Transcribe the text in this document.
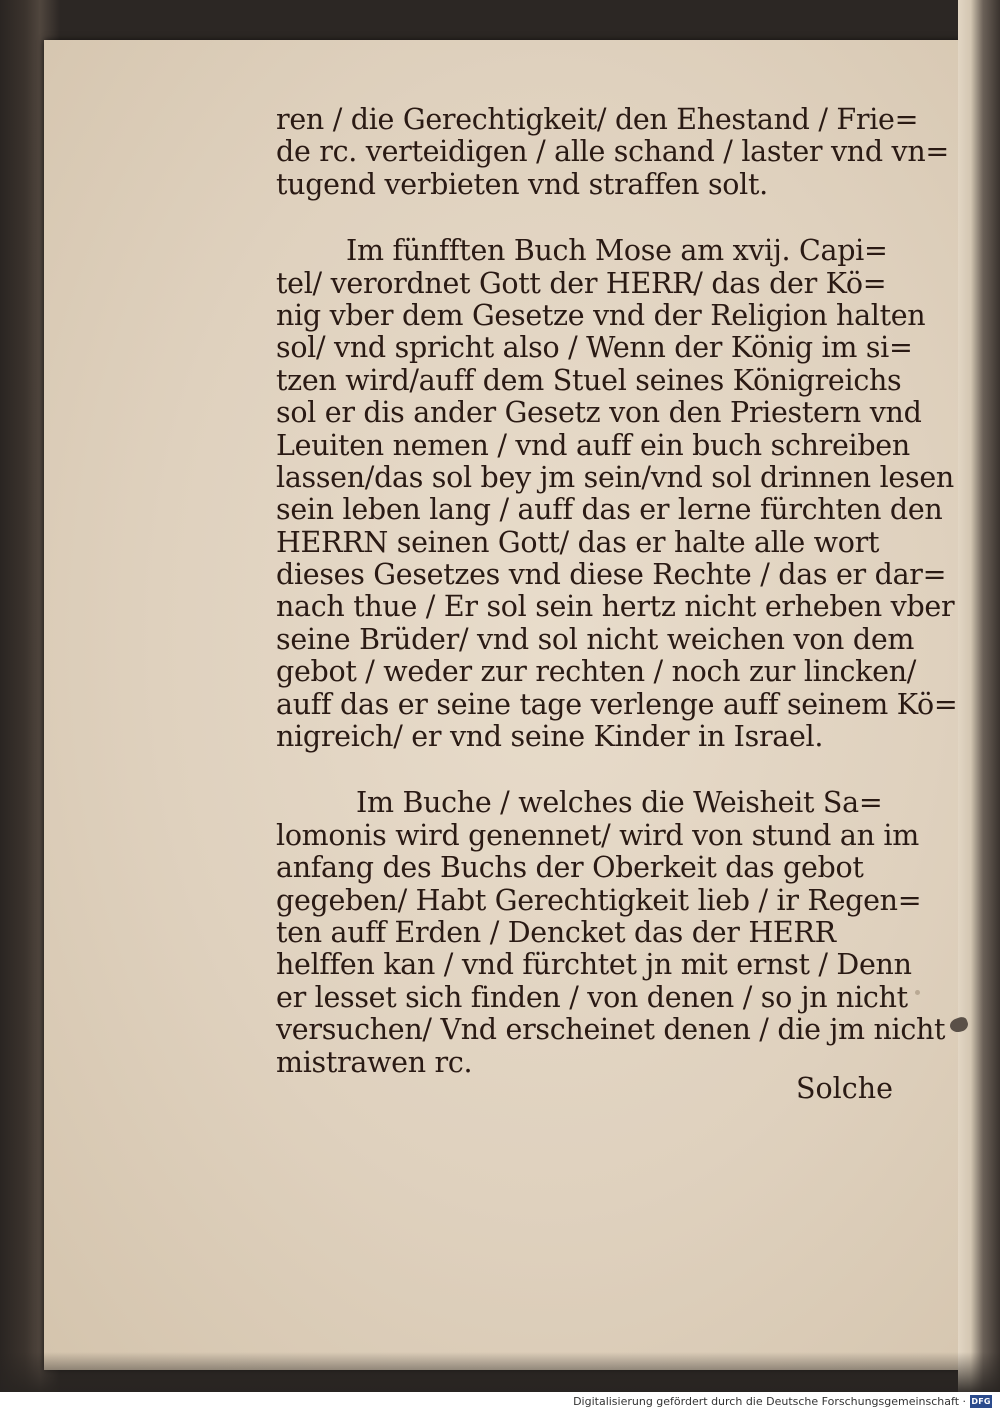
ren / die Gerechtigkeit/ den Ehestand / Frie=
de rc. verteidigen / alle schand / laster vnd vn=
tugend verbieten vnd straffen solt.
Im fünfften Buch Mose am xvij. Capi=
tel/ verordnet Gott der HERR/ das der Kö=
nig vber dem Gesetze vnd der Religion halten
sol/ vnd spricht also / Wenn der König im si=
tzen wird/auff dem Stuel seines Königreichs
sol er dis ander Gesetz von den Priestern vnd
Leuiten nemen / vnd auff ein buch schreiben
lassen/das sol bey jm sein/vnd sol drinnen lesen
sein leben lang / auff das er lerne fürchten den
HERRN seinen Gott/ das er halte alle wort
dieses Gesetzes vnd diese Rechte / das er dar=
nach thue / Er sol sein hertz nicht erheben vber
seine Brüder/ vnd sol nicht weichen von dem
gebot / weder zur rechten / noch zur lincken/
auff das er seine tage verlenge auff seinem Kö=
nigreich/ er vnd seine Kinder in Israel.
Im Buche / welches die Weisheit Sa=
lomonis wird genennet/ wird von stund an im
anfang des Buchs der Oberkeit das gebot
gegeben/ Habt Gerechtigkeit lieb / ir Regen=
ten auff Erden / Dencket das der HERR
helffen kan / vnd fürchtet jn mit ernst / Denn
er lesset sich finden / von denen / so jn nicht
versuchen/ Vnd erscheinet denen / die jm nicht
mistrawen rc.
Solche
Digitalisierung gefördert durch die Deutsche Forschungsgemeinschaft · DFG
